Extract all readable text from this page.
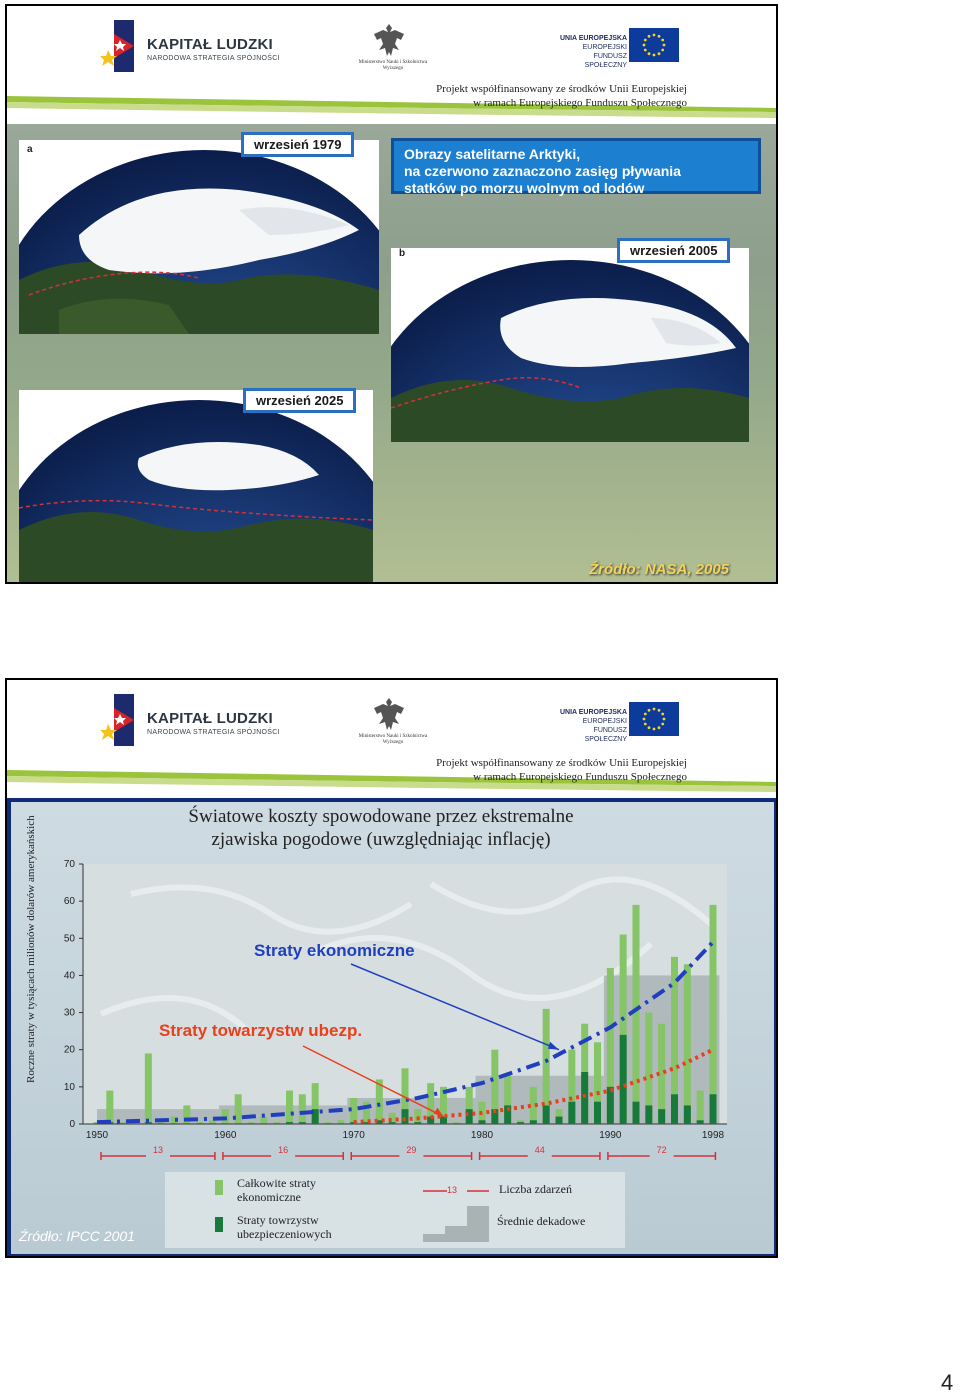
KAPITAŁ LUDZKI
NARODOWA STRATEGIA SPÓJNOŚCI
Ministerstwo Nauki i Szkolnictwa Wyższego
UNIA EUROPEJSKA
EUROPEJSKI
FUNDUSZ SPOŁECZNY
Projekt współfinansowany ze środków Unii Europejskiej
w ramach Europejskiego Funduszu Społecznego
a	wrzesień 1979
Obrazy satelitarne Arktyki,
na czerwono zaznaczono zasięg pływania
statków po morzu wolnym od lodów
b	wrzesień 2005
wrzesień 2025
Źródło: NASA, 2005
KAPITAŁ LUDZKI
NARODOWA STRATEGIA SPÓJNOŚCI
Ministerstwo Nauki i Szkolnictwa Wyższego
UNIA EUROPEJSKA
EUROPEJSKI
FUNDUSZ SPOŁECZNY
Projekt współfinansowany ze środków Unii Europejskiej
w ramach Europejskiego Funduszu Społecznego
Światowe koszty spowodowane przez ekstremalne
zjawiska pogodowe (uwzględniając inflację)
Roczne straty w tysiącach milionów dolarów amerykańskich
0
10
20
30
40
50
60
70
1950	1960	1970	1980	1990	1998
Straty ekonomiczne
Straty towarzystw ubezp.
13	16	29	44	72
Całkowite straty
ekonomiczne
Straty towrzystw
ubezpieczeniowych
13	Liczba zdarzeń
Średnie dekadowe
Źródło: IPCC 2001
4
